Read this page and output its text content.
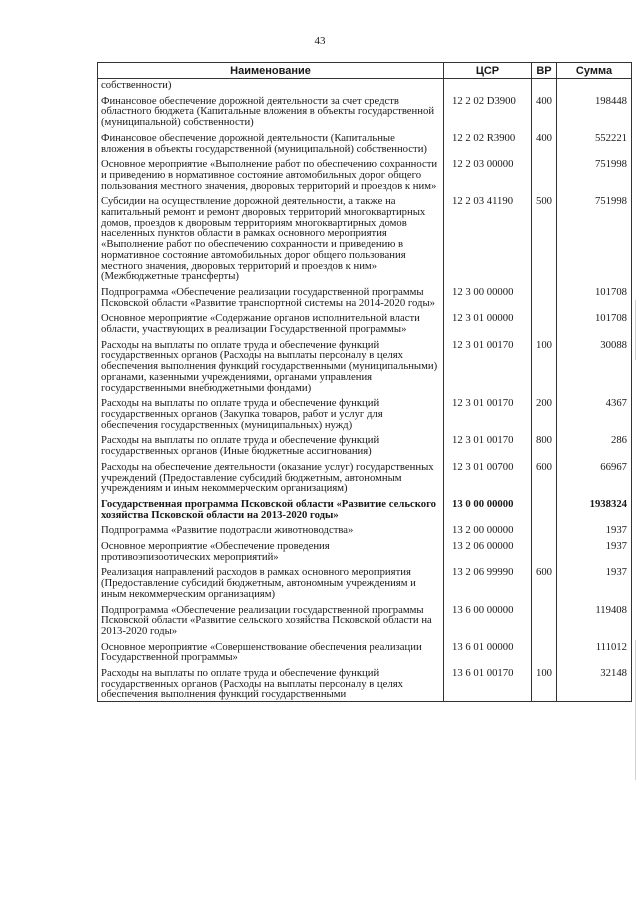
43
Наименование	ЦСР	ВР	Сумма
собственности)			
Финансовое обеспечение дорожной деятельности за счет средств областного бюджета (Капитальные вложения в объекты государственной (муниципальной) собственности)	12 2 02 D3900	400	198448
Финансовое обеспечение дорожной деятельности (Капитальные вложения в объекты государственной (муниципальной) собственности)	12 2 02 R3900	400	552221
Основное мероприятие «Выполнение работ по обеспечению сохранности и приведению в нормативное состояние автомобильных дорог общего пользования местного значения, дворовых территорий и проездов к ним»	12 2 03 00000		751998
Субсидии на осуществление дорожной деятельности, а также на капитальный ремонт и ремонт дворовых территорий многоквартирных домов, проездов к дворовым территориям многоквартирных домов населенных пунктов области в рамках основного мероприятия «Выполнение работ по обеспечению сохранности и приведению в нормативное состояние автомобильных дорог общего пользования местного значения, дворовых территорий и проездов к ним» (Межбюджетные трансферты)	12 2 03 41190	500	751998
Подпрограмма «Обеспечение реализации государственной программы Псковской области «Развитие транспортной системы на 2014-2020 годы»	12 3 00 00000		101708
Основное мероприятие «Содержание органов исполнительной власти области, участвующих в реализации Государственной программы»	12 3 01 00000		101708
Расходы на выплаты по оплате труда и обеспечение функций государственных органов (Расходы на выплаты персоналу в целях обеспечения выполнения функций государственными (муниципальными) органами, казенными учреждениями, органами управления государственными внебюджетными фондами)	12 3 01 00170	100	30088
Расходы на выплаты по оплате труда и обеспечение функций государственных органов (Закупка товаров, работ и услуг для обеспечения государственных (муниципальных) нужд)	12 3 01 00170	200	4367
Расходы на выплаты по оплате труда и обеспечение функций государственных органов (Иные бюджетные ассигнования)	12 3 01 00170	800	286
Расходы на обеспечение деятельности (оказание услуг) государственных учреждений (Предоставление субсидий бюджетным, автономным учреждениям и иным некоммерческим организациям)	12 3 01 00700	600	66967
Государственная программа Псковской области «Развитие сельского хозяйства Псковской области на 2013-2020 годы»	13 0 00 00000		1938324
Подпрограмма «Развитие подотрасли животноводства»	13 2 00 00000		1937
Основное мероприятие «Обеспечение проведения противоэпизоотических мероприятий»	13 2 06 00000		1937
Реализация направлений расходов в рамках основного мероприятия (Предоставление субсидий бюджетным, автономным учреждениям и иным некоммерческим организациям)	13 2 06 99990	600	1937
Подпрограмма «Обеспечение реализации государственной программы Псковской области «Развитие сельского хозяйства Псковской области на 2013-2020 годы»	13 6 00 00000		119408
Основное мероприятие «Совершенствование обеспечения реализации Государственной программы»	13 6 01 00000		111012
Расходы на выплаты по оплате труда и обеспечение функций государственных органов (Расходы на выплаты персоналу в целях обеспечения выполнения функций государственными	13 6 01 00170	100	32148
